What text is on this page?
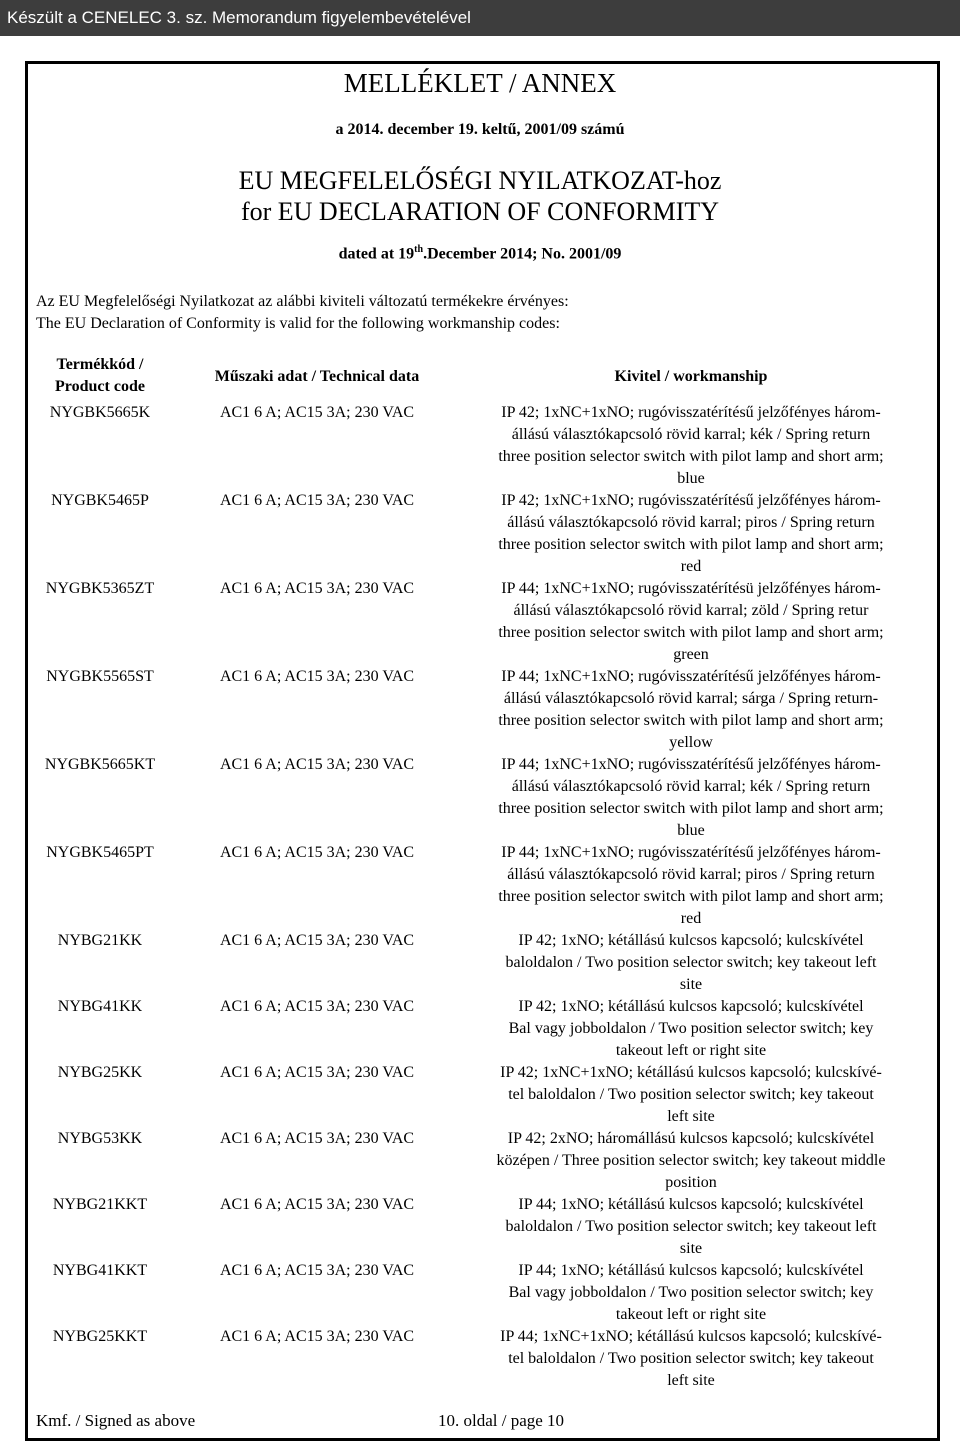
Készült a CENELEC 3. sz. Memorandum figyelembevételével
MELLÉKLET / ANNEX
a 2014. december 19. keltű, 2001/09 számú
EU MEGFELELŐSÉGI NYILATKOZAT-hoz
for EU DECLARATION OF CONFORMITY
dated at 19th.December 2014; No. 2001/09
Az EU Megfelelőségi Nyilatkozat az alábbi kiviteli változatú termékekre érvényes:
The EU Declaration of Conformity is valid for the following workmanship codes:
Termékkód /
Product code
Műszaki adat / Technical data	Kivitel / workmanship
NYGBK5665K	AC1 6 A; AC15 3A; 230 VAC	IP 42; 1xNC+1xNO; rugóvisszatérítésű jelzőfényes három-
állású választókapcsoló rövid karral; kék / Spring return
three position selector switch with pilot lamp and short arm;
blue
NYGBK5465P	AC1 6 A; AC15 3A; 230 VAC	IP 42; 1xNC+1xNO; rugóvisszatérítésű jelzőfényes három-
állású választókapcsoló rövid karral; piros / Spring return
three position selector switch with pilot lamp and short arm;
red
NYGBK5365ZT	AC1 6 A; AC15 3A; 230 VAC	IP 44; 1xNC+1xNO; rugóvisszatérítésü jelzőfényes három-
állású választókapcsoló rövid karral; zöld / Spring retur
three position selector switch with pilot lamp and short arm;
green
NYGBK5565ST	AC1 6 A; AC15 3A; 230 VAC	IP 44; 1xNC+1xNO; rugóvisszatérítésű jelzőfényes három-
állású választókapcsoló rövid karral; sárga / Spring return-
three position selector switch with pilot lamp and short arm;
yellow
NYGBK5665KT	AC1 6 A; AC15 3A; 230 VAC	IP 44; 1xNC+1xNO; rugóvisszatérítésű jelzőfényes három-
állású választókapcsoló rövid karral; kék / Spring return
three position selector switch with pilot lamp and short arm;
blue
NYGBK5465PT	AC1 6 A; AC15 3A; 230 VAC	IP 44; 1xNC+1xNO; rugóvisszatérítésű jelzőfényes három-
állású választókapcsoló rövid karral; piros / Spring return
three position selector switch with pilot lamp and short arm;
red
NYBG21KK	AC1 6 A; AC15 3A; 230 VAC	IP 42; 1xNO; kétállású kulcsos kapcsoló; kulcskívétel
baloldalon / Two position selector switch; key takeout left
site
NYBG41KK	AC1 6 A; AC15 3A; 230 VAC	IP 42; 1xNO; kétállású kulcsos kapcsoló; kulcskívétel
Bal vagy jobboldalon / Two position selector switch; key
takeout left or right site
NYBG25KK	AC1 6 A; AC15 3A; 230 VAC	IP 42; 1xNC+1xNO; kétállású kulcsos kapcsoló; kulcskívé-
tel baloldalon / Two position selector switch; key takeout
left site
NYBG53KK	AC1 6 A; AC15 3A; 230 VAC	IP 42; 2xNO; háromállású kulcsos kapcsoló; kulcskívétel
középen / Three position selector switch; key takeout middle
position
NYBG21KKT	AC1 6 A; AC15 3A; 230 VAC	IP 44; 1xNO; kétállású kulcsos kapcsoló; kulcskívétel
baloldalon / Two position selector switch; key takeout left
site
NYBG41KKT	AC1 6 A; AC15 3A; 230 VAC	IP 44; 1xNO; kétállású kulcsos kapcsoló; kulcskívétel
Bal vagy jobboldalon / Two position selector switch; key
takeout left or right site
NYBG25KKT	AC1 6 A; AC15 3A; 230 VAC	IP 44; 1xNC+1xNO; kétállású kulcsos kapcsoló; kulcskívé-
tel baloldalon / Two position selector switch; key takeout
left site
Kmf. / Signed as above	10. oldal / page 10
